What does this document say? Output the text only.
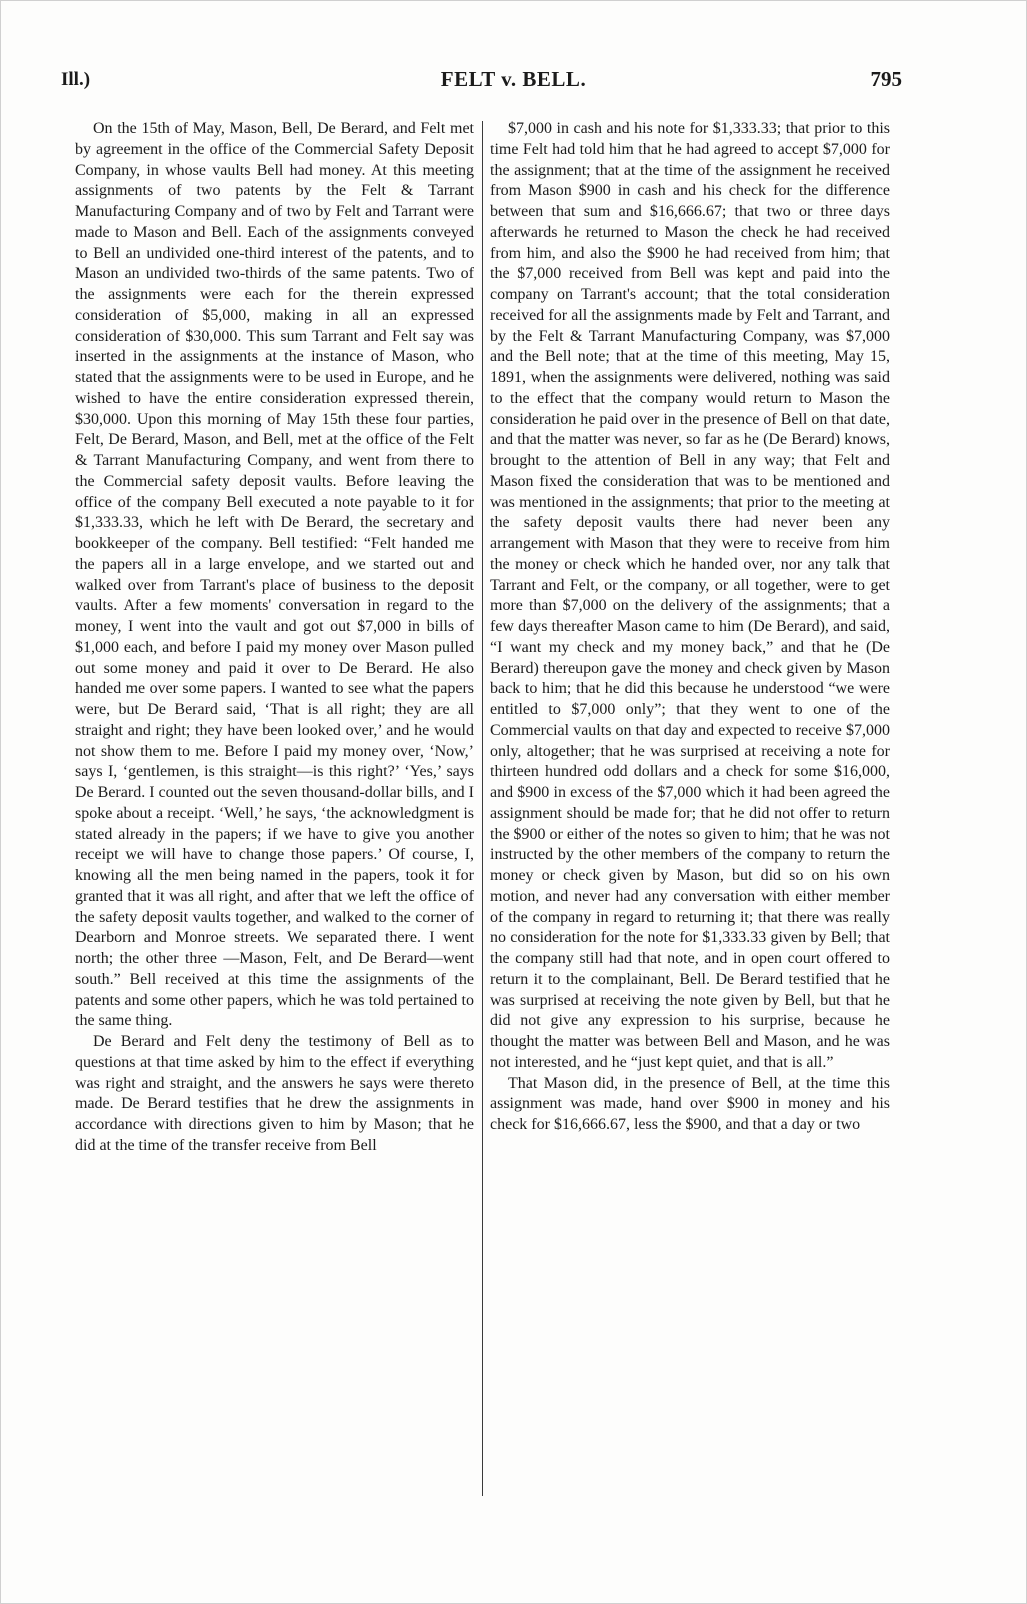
Ill.)	FELT v. BELL.	795

On the 15th of May, Mason, Bell, De Berard, and Felt met by agreement in the office of the Commercial Safety Deposit Company, in whose vaults Bell had money. At this meeting assignments of two patents by the Felt & Tarrant Manufacturing Company and of two by Felt and Tarrant were made to Mason and Bell. Each of the assignments conveyed to Bell an undivided one-third interest of the patents, and to Mason an undivided two-thirds of the same patents. Two of the assignments were each for the therein expressed consideration of $5,000, making in all an expressed consideration of $30,000. This sum Tarrant and Felt say was inserted in the assignments at the instance of Mason, who stated that the assignments were to be used in Europe, and he wished to have the entire consideration expressed therein, $30,000. Upon this morning of May 15th these four parties, Felt, De Berard, Mason, and Bell, met at the office of the Felt & Tarrant Manufacturing Company, and went from there to the Commercial safety deposit vaults. Before leaving the office of the company Bell executed a note payable to it for $1,333.33, which he left with De Berard, the secretary and bookkeeper of the company. Bell testified: “Felt handed me the papers all in a large envelope, and we started out and walked over from Tarrant's place of business to the deposit vaults. After a few moments' conversation in regard to the money, I went into the vault and got out $7,000 in bills of $1,000 each, and before I paid my money over Mason pulled out some money and paid it over to De Berard. He also handed me over some papers. I wanted to see what the papers were, but De Berard said, ‘That is all right; they are all straight and right; they have been looked over,’ and he would not show them to me. Before I paid my money over, ‘Now,’ says I, ‘gentlemen, is this straight—is this right?’ ‘Yes,’ says De Berard. I counted out the seven thousand-dollar bills, and I spoke about a receipt. ‘Well,’ he says, ‘the acknowledgment is stated already in the papers; if we have to give you another receipt we will have to change those papers.’ Of course, I, knowing all the men being named in the papers, took it for granted that it was all right, and after that we left the office of the safety deposit vaults together, and walked to the corner of Dearborn and Monroe streets. We separated there. I went north; the other three —Mason, Felt, and De Berard—went south.” Bell received at this time the assignments of the patents and some other papers, which he was told pertained to the same thing.

De Berard and Felt deny the testimony of Bell as to questions at that time asked by him to the effect if everything was right and straight, and the answers he says were thereto made. De Berard testifies that he drew the assignments in accordance with directions given to him by Mason; that he did at the time of the transfer receive from Bell

$7,000 in cash and his note for $1,333.33; that prior to this time Felt had told him that he had agreed to accept $7,000 for the assignment; that at the time of the assignment he received from Mason $900 in cash and his check for the difference between that sum and $16,666.67; that two or three days afterwards he returned to Mason the check he had received from him, and also the $900 he had received from him; that the $7,000 received from Bell was kept and paid into the company on Tarrant's account; that the total consideration received for all the assignments made by Felt and Tarrant, and by the Felt & Tarrant Manufacturing Company, was $7,000 and the Bell note; that at the time of this meeting, May 15, 1891, when the assignments were delivered, nothing was said to the effect that the company would return to Mason the consideration he paid over in the presence of Bell on that date, and that the matter was never, so far as he (De Berard) knows, brought to the attention of Bell in any way; that Felt and Mason fixed the consideration that was to be mentioned and was mentioned in the assignments; that prior to the meeting at the safety deposit vaults there had never been any arrangement with Mason that they were to receive from him the money or check which he handed over, nor any talk that Tarrant and Felt, or the company, or all together, were to get more than $7,000 on the delivery of the assignments; that a few days thereafter Mason came to him (De Berard), and said, “I want my check and my money back,” and that he (De Berard) thereupon gave the money and check given by Mason back to him; that he did this because he understood “we were entitled to $7,000 only”; that they went to one of the Commercial vaults on that day and expected to receive $7,000 only, altogether; that he was surprised at receiving a note for thirteen hundred odd dollars and a check for some $16,000, and $900 in excess of the $7,000 which it had been agreed the assignment should be made for; that he did not offer to return the $900 or either of the notes so given to him; that he was not instructed by the other members of the company to return the money or check given by Mason, but did so on his own motion, and never had any conversation with either member of the company in regard to returning it; that there was really no consideration for the note for $1,333.33 given by Bell; that the company still had that note, and in open court offered to return it to the complainant, Bell. De Berard testified that he was surprised at receiving the note given by Bell, but that he did not give any expression to his surprise, because he thought the matter was between Bell and Mason, and he was not interested, and he “just kept quiet, and that is all.”

That Mason did, in the presence of Bell, at the time this assignment was made, hand over $900 in money and his check for $16,666.67, less the $900, and that a day or two
